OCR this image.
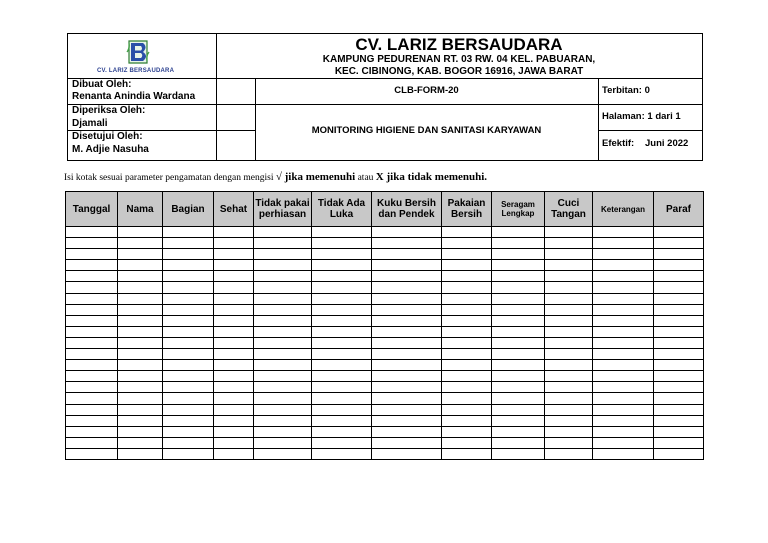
CV. LARIZ BERSAUDARA
CV. LARIZ BERSAUDARA
KAMPUNG PEDURENAN RT. 03 RW. 04 KEL. PABUARAN,
KEC. CIBINONG, KAB. BOGOR 16916, JAWA BARAT
Dibuat Oleh:
Renanta Anindia Wardana
Diperiksa Oleh:
Djamali
Disetujui Oleh:
M. Adjie Nasuha
CLB-FORM-20
MONITORING HIGIENE DAN SANITASI KARYAWAN
Terbitan: 0
Halaman: 1 dari 1
Efektif: Juni 2022
Isi kotak sesuai parameter pengamatan dengan mengisi √ jika memenuhi atau X jika tidak memenuhi.
Tanggal	Nama	Bagian	Sehat	Tidak pakai perhiasan	Tidak Ada Luka	Kuku Bersih dan Pendek	Pakaian Bersih	Seragam Lengkap	Cuci Tangan	Keterangan	Paraf
